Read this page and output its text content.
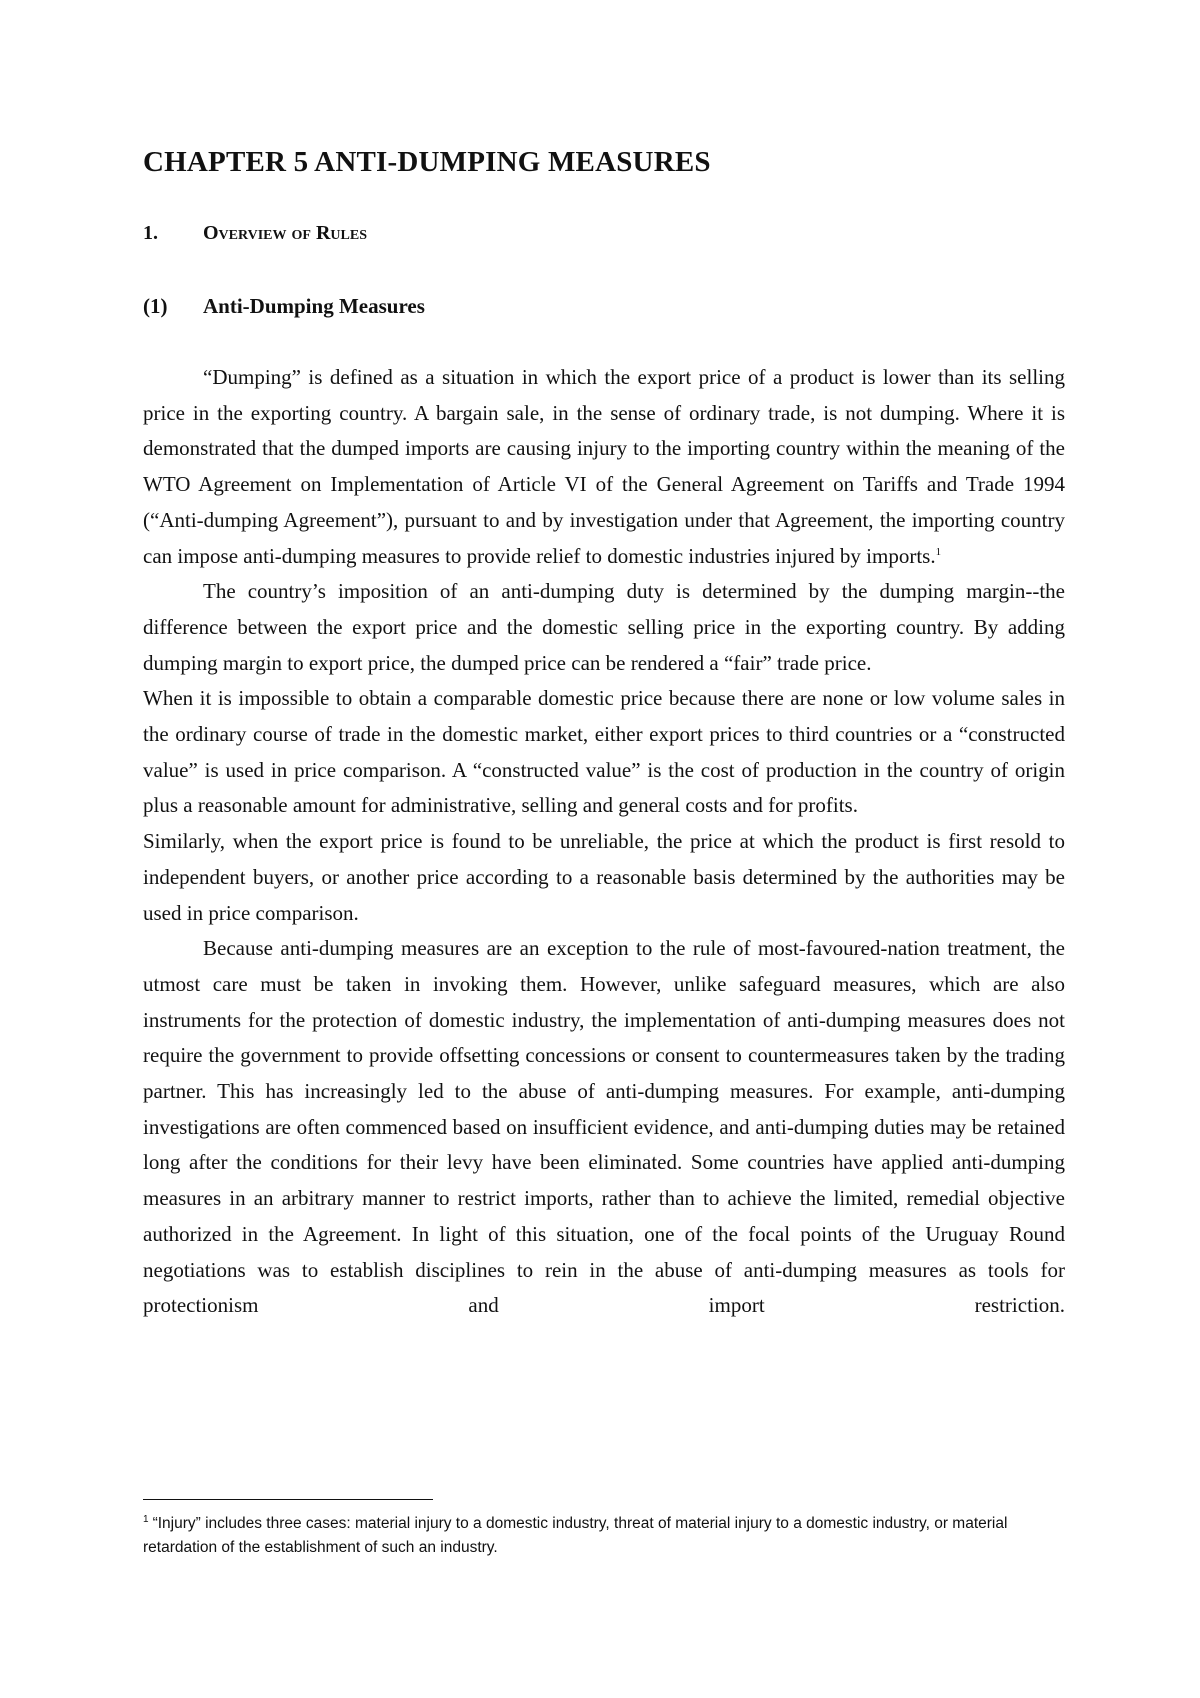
CHAPTER 5 ANTI-DUMPING MEASURES
1. Overview of Rules
(1) Anti-Dumping Measures

“Dumping” is defined as a situation in which the export price of a product is lower than its selling price in the exporting country. A bargain sale, in the sense of ordinary trade, is not dumping. Where it is demonstrated that the dumped imports are causing injury to the importing country within the meaning of the WTO Agreement on Implementation of Article VI of the General Agreement on Tariffs and Trade 1994 (“Anti-dumping Agreement”), pursuant to and by investigation under that Agreement, the importing country can impose anti-dumping measures to provide relief to domestic industries injured by imports.$^1$

The country’s imposition of an anti-dumping duty is determined by the dumping margin--the difference between the export price and the domestic selling price in the exporting country. By adding dumping margin to export price, the dumped price can be rendered a “fair” trade price.

When it is impossible to obtain a comparable domestic price because there are none or low volume sales in the ordinary course of trade in the domestic market, either export prices to third countries or a “constructed value” is used in price comparison. A “constructed value” is the cost of production in the country of origin plus a reasonable amount for administrative, selling and general costs and for profits.

Similarly, when the export price is found to be unreliable, the price at which the product is first resold to independent buyers, or another price according to a reasonable basis determined by the authorities may be used in price comparison.

Because anti-dumping measures are an exception to the rule of most-favoured-nation treatment, the utmost care must be taken in invoking them. However, unlike safeguard measures, which are also instruments for the protection of domestic industry, the implementation of anti-dumping measures does not require the government to provide offsetting concessions or consent to countermeasures taken by the trading partner. This has increasingly led to the abuse of anti-dumping measures. For example, anti-dumping investigations are often commenced based on insufficient evidence, and anti-dumping duties may be retained long after the conditions for their levy have been eliminated. Some countries have applied anti-dumping measures in an arbitrary manner to restrict imports, rather than to achieve the limited, remedial objective authorized in the Agreement. In light of this situation, one of the focal points of the Uruguay Round negotiations was to establish disciplines to rein in the abuse of anti-dumping measures as tools for protectionism and import restriction.

$^1$ “Injury” includes three cases: material injury to a domestic industry, threat of material injury to a domestic industry, or material retardation of the establishment of such an industry.
